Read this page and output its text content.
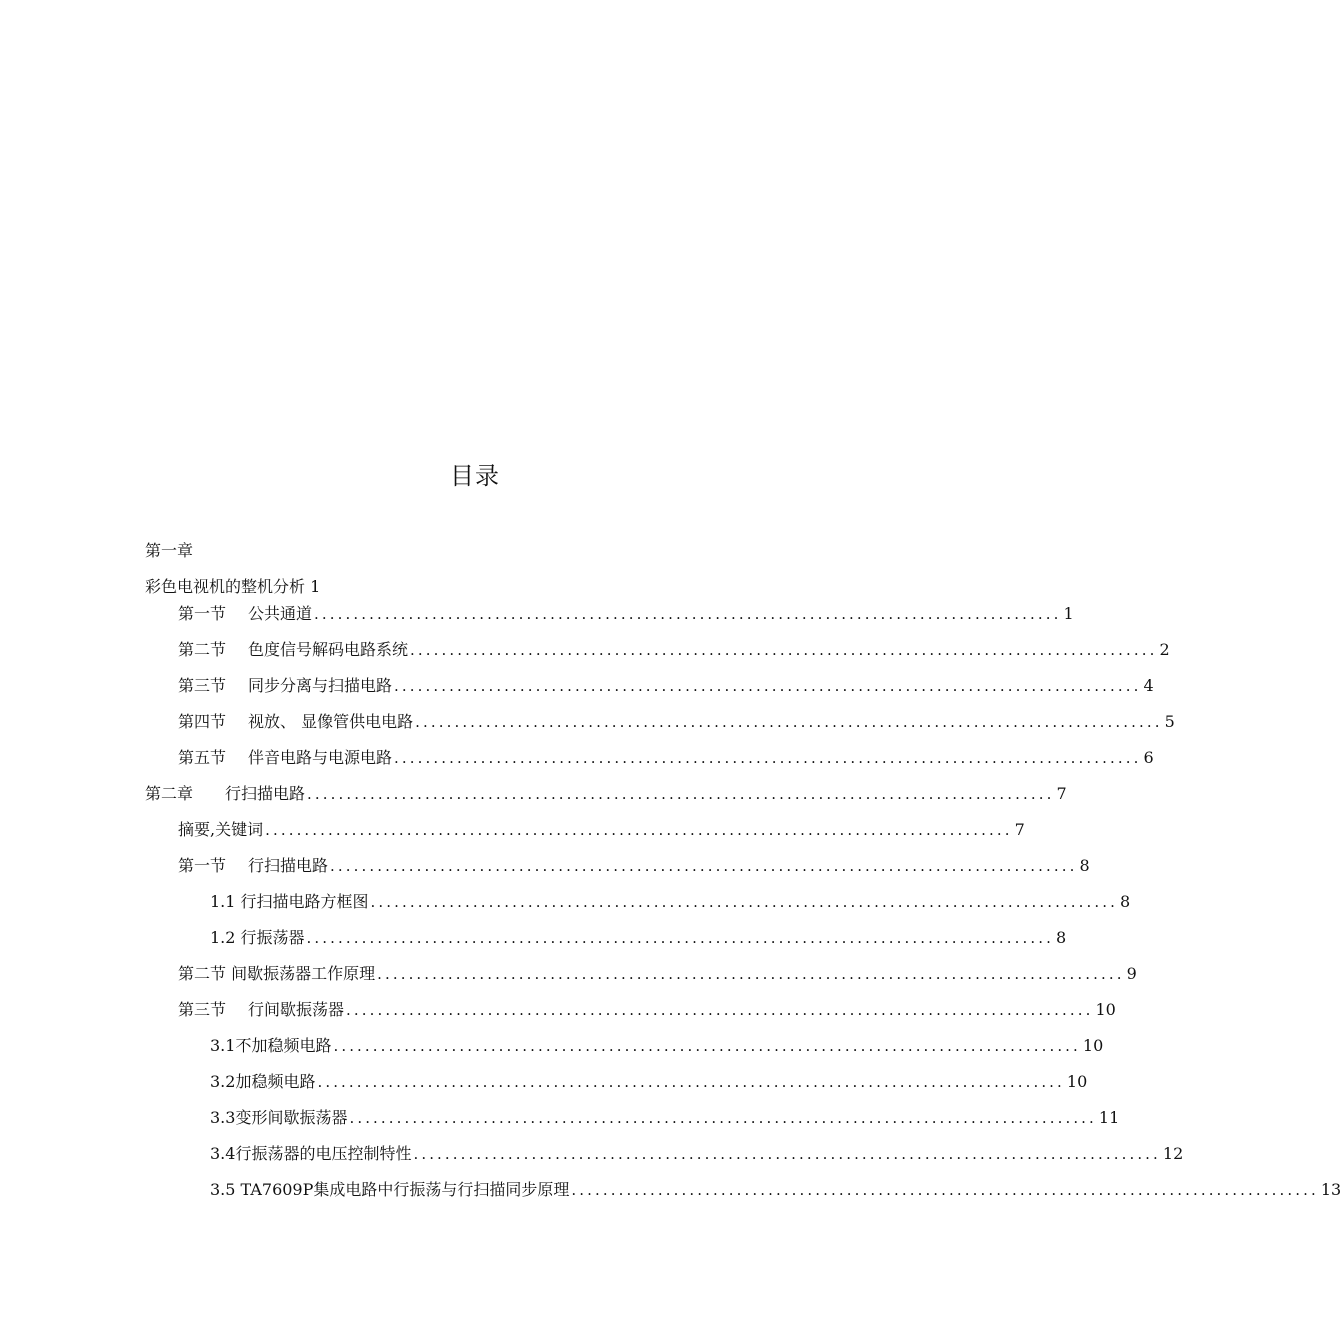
目录
第一章
彩色电视机的整机分析 1
第一节 公共通道 ............................................................................................... 1
第二节 色度信号解码电路系统 ............................................................................................... 2
第三节 同步分离与扫描电路 ............................................................................................... 4
第四节 视放、 显像管供电电路 ............................................................................................... 5
第五节 伴音电路与电源电路 ............................................................................................... 6
第二章 行扫描电路 ............................................................................................... 7
摘要,关键词 ............................................................................................... 7
第一节 行扫描电路 ............................................................................................... 8
1.1 行扫描电路方框图 ............................................................................................... 8
1.2 行振荡器 ............................................................................................... 8
第二节 间歇振荡器工作原理 ............................................................................................... 9
第三节 行间歇振荡器 ............................................................................................... 10
3.1不加稳频电路 ............................................................................................... 10
3.2加稳频电路 ............................................................................................... 10
3.3变形间歇振荡器 ............................................................................................... 11
3.4行振荡器的电压控制特性 ............................................................................................... 12
3.5 TA7609P集成电路中行振荡与行扫描同步原理 ............................................................................................... 13
